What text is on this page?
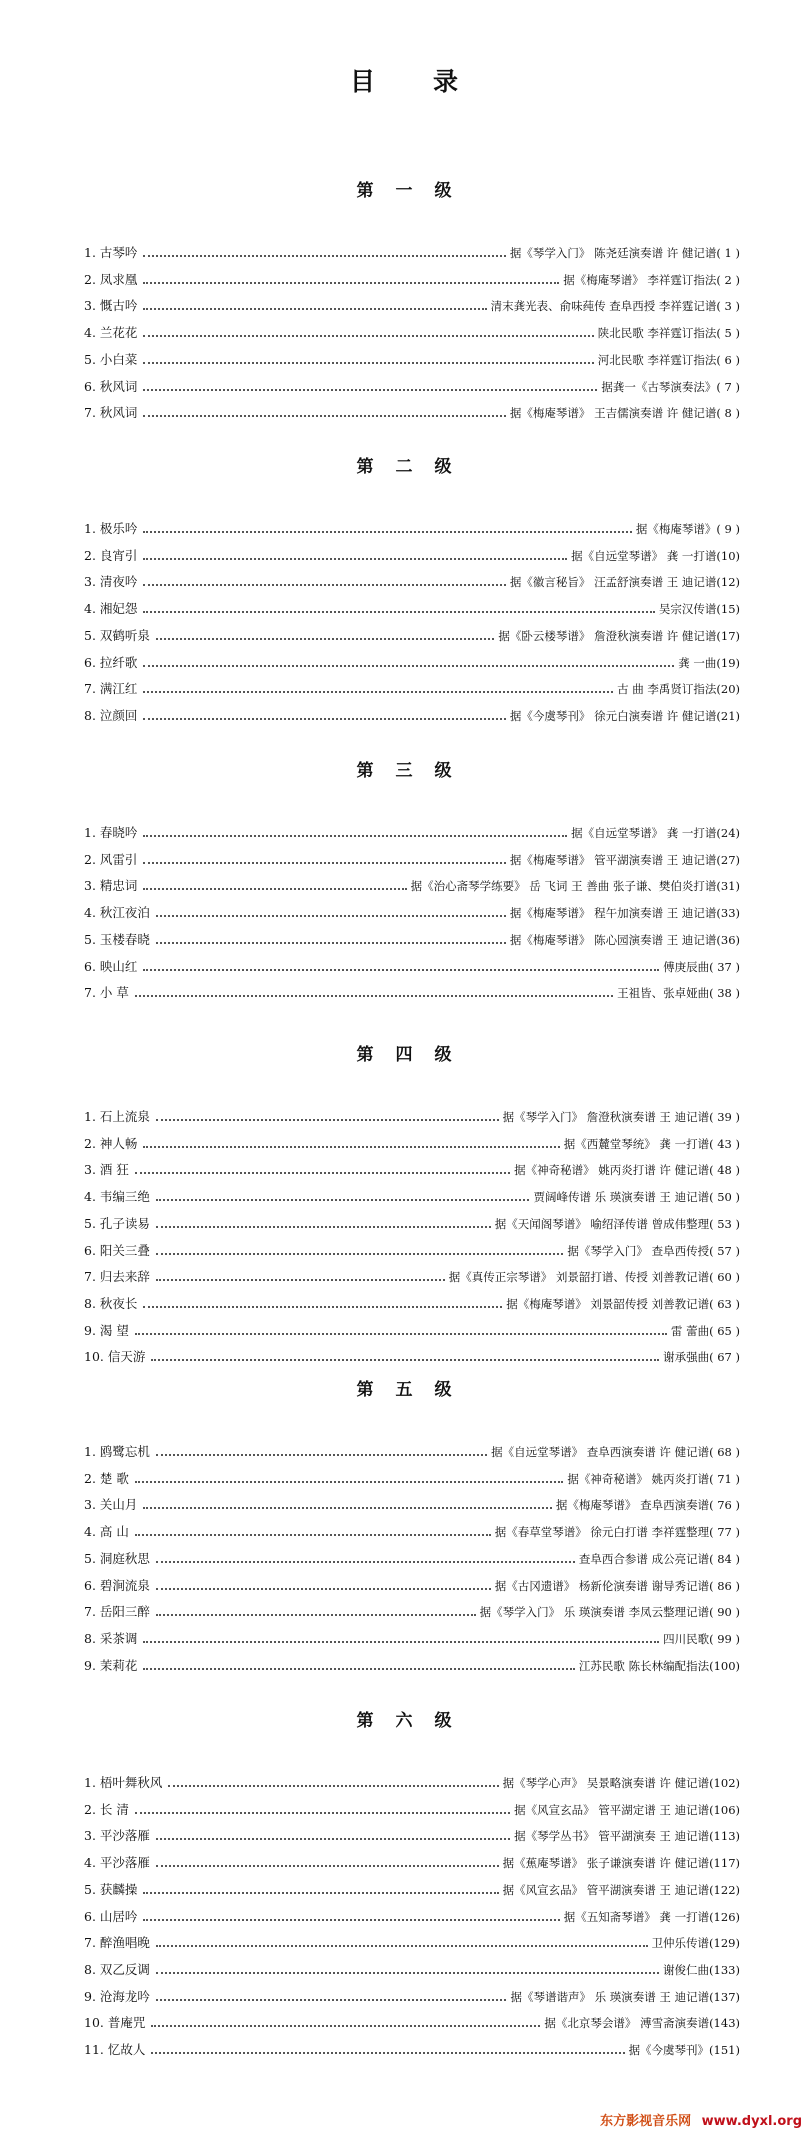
目录
第一级
1. 古琴吟	据《琴学入门》 陈尧廷演奏谱 许 健记谱( 1 )
2. 凤求凰	据《梅庵琴谱》 李祥霆订指法( 2 )
3. 慨古吟	清末龚光表、俞味莼传 查阜西授 李祥霆记谱( 3 )
4. 兰花花	陕北民歌 李祥霆订指法( 5 )
5. 小白菜	河北民歌 李祥霆订指法( 6 )
6. 秋风词	据龚一《古琴演奏法》( 7 )
7. 秋风词	据《梅庵琴谱》 王吉儒演奏谱 许 健记谱( 8 )
第二级
1. 极乐吟	据《梅庵琴谱》( 9 )
2. 良宵引	据《自远堂琴谱》 龚 一打谱(10)
3. 清夜吟	据《徽言秘旨》 汪孟舒演奏谱 王 迪记谱(12)
4. 湘妃怨	吴宗汉传谱(15)
5. 双鹤听泉	据《卧云楼琴谱》 詹澄秋演奏谱 许 健记谱(17)
6. 拉纤歌	龚 一曲(19)
7. 满江红	古 曲 李禹贤订指法(20)
8. 泣颜回	据《今虞琴刊》 徐元白演奏谱 许 健记谱(21)
第三级
1. 春晓吟	据《自远堂琴谱》 龚 一打谱(24)
2. 风雷引	据《梅庵琴谱》 管平湖演奏谱 王 迪记谱(27)
3. 精忠词	据《治心斋琴学练要》 岳 飞词 王 善曲 张子谦、樊伯炎打谱(31)
4. 秋江夜泊	据《梅庵琴谱》 程午加演奏谱 王 迪记谱(33)
5. 玉楼春晓	据《梅庵琴谱》 陈心园演奏谱 王 迪记谱(36)
6. 映山红	傅庚辰曲( 37 )
7. 小 草	王祖皆、张卓娅曲( 38 )
第四级
1. 石上流泉	据《琴学入门》 詹澄秋演奏谱 王 迪记谱( 39 )
2. 神人畅	据《西麓堂琴统》 龚 一打谱( 43 )
3. 酒 狂	据《神奇秘谱》 姚丙炎打谱 许 健记谱( 48 )
4. 韦编三绝	贾阔峰传谱 乐 瑛演奏谱 王 迪记谱( 50 )
5. 孔子读易	据《天闻阁琴谱》 喻绍泽传谱 曾成伟整理( 53 )
6. 阳关三叠	据《琴学入门》 查阜西传授( 57 )
7. 归去来辞	据《真传正宗琴谱》 刘景韶打谱、传授 刘善教记谱( 60 )
8. 秋夜长	据《梅庵琴谱》 刘景韶传授 刘善教记谱( 63 )
9. 渴 望	雷 蕾曲( 65 )
10. 信天游	谢承强曲( 67 )
第五级
1. 鸥鹭忘机	据《自远堂琴谱》 查阜西演奏谱 许 健记谱( 68 )
2. 楚 歌	据《神奇秘谱》 姚丙炎打谱( 71 )
3. 关山月	据《梅庵琴谱》 查阜西演奏谱( 76 )
4. 高 山	据《春草堂琴谱》 徐元白打谱 李祥霆整理( 77 )
5. 洞庭秋思	查阜西合参谱 成公亮记谱( 84 )
6. 碧涧流泉	据《古冈遗谱》 杨新伦演奏谱 谢导秀记谱( 86 )
7. 岳阳三醉	据《琴学入门》 乐 瑛演奏谱 李凤云整理记谱( 90 )
8. 采茶调	四川民歌( 99 )
9. 茉莉花	江苏民歌 陈长林编配指法(100)
第六级
1. 梧叶舞秋风	据《琴学心声》 吴景略演奏谱 许 健记谱(102)
2. 长 清	据《风宣玄品》 管平湖定谱 王 迪记谱(106)
3. 平沙落雁	据《琴学丛书》 管平湖演奏 王 迪记谱(113)
4. 平沙落雁	据《蕉庵琴谱》 张子谦演奏谱 许 健记谱(117)
5. 获麟操	据《风宣玄品》 管平湖演奏谱 王 迪记谱(122)
6. 山居吟	据《五知斋琴谱》 龚 一打谱(126)
7. 醉渔唱晚	卫仲乐传谱(129)
8. 双乙反调	谢俊仁曲(133)
9. 沧海龙吟	据《琴谱谐声》 乐 瑛演奏谱 王 迪记谱(137)
10. 普庵咒	据《北京琴会谱》 溥雪斋演奏谱(143)
11. 忆故人	据《今虞琴刊》(151)
东方影视音乐网 www.dyxl.org
